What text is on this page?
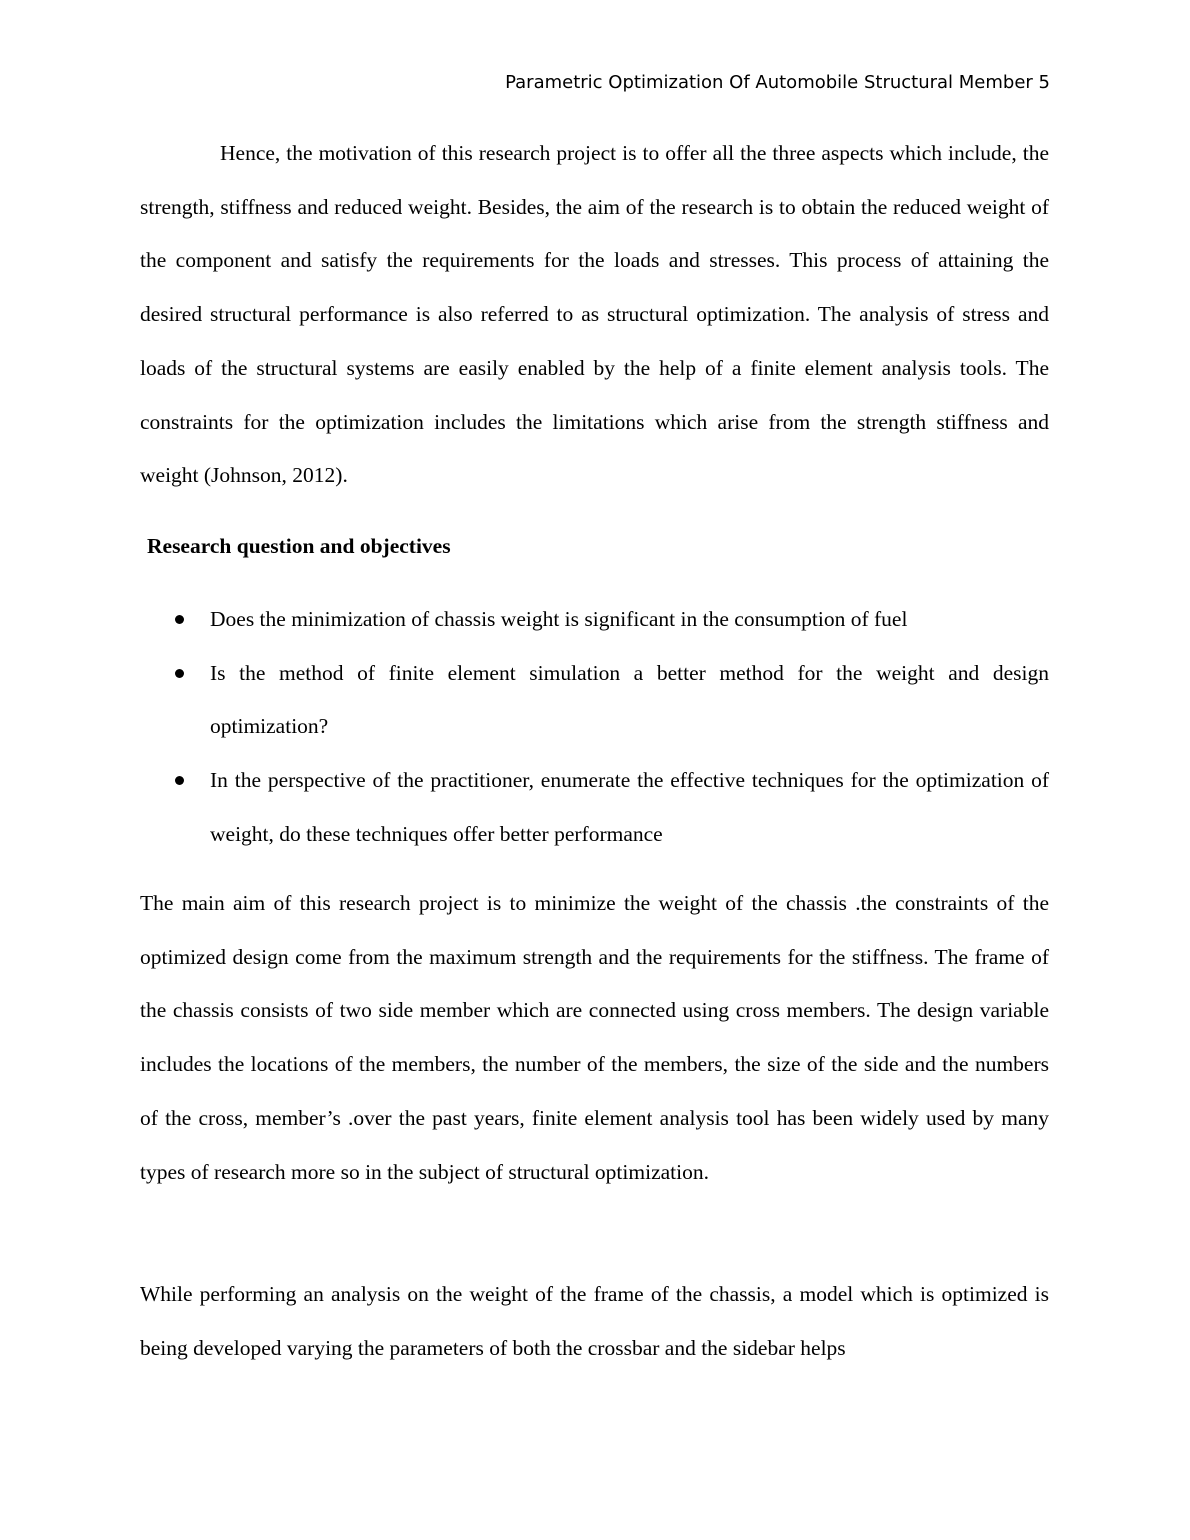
Parametric Optimization Of Automobile Structural Member 5

Hence, the motivation of this research project is to offer all the three aspects which include, the strength, stiffness and reduced weight. Besides, the aim of the research is to obtain the reduced weight of the component and satisfy the requirements for the loads and stresses. This process of attaining the desired structural performance is also referred to as structural optimization. The analysis of stress and loads of the structural systems are easily enabled by the help of a finite element analysis tools. The constraints for the optimization includes the limitations which arise from the strength stiffness and weight (Johnson, 2012).

Research question and objectives
Does the minimization of chassis weight is significant in the consumption of fuel
Is the method of finite element simulation a better method for the weight and design optimization?
In the perspective of the practitioner, enumerate the effective techniques for the optimization of weight, do these techniques offer better performance

The main aim of this research project is to minimize the weight of the chassis .the constraints of the optimized design come from the maximum strength and the requirements for the stiffness. The frame of the chassis consists of two side member which are connected using cross members. The design variable includes the locations of the members, the number of the members, the size of the side and the numbers of the cross, member’s .over the past years, finite element analysis tool has been widely used by many types of research more so in the subject of structural optimization.

While performing an analysis on the weight of the frame of the chassis, a model which is optimized is being developed varying the parameters of both the crossbar and the sidebar helps
